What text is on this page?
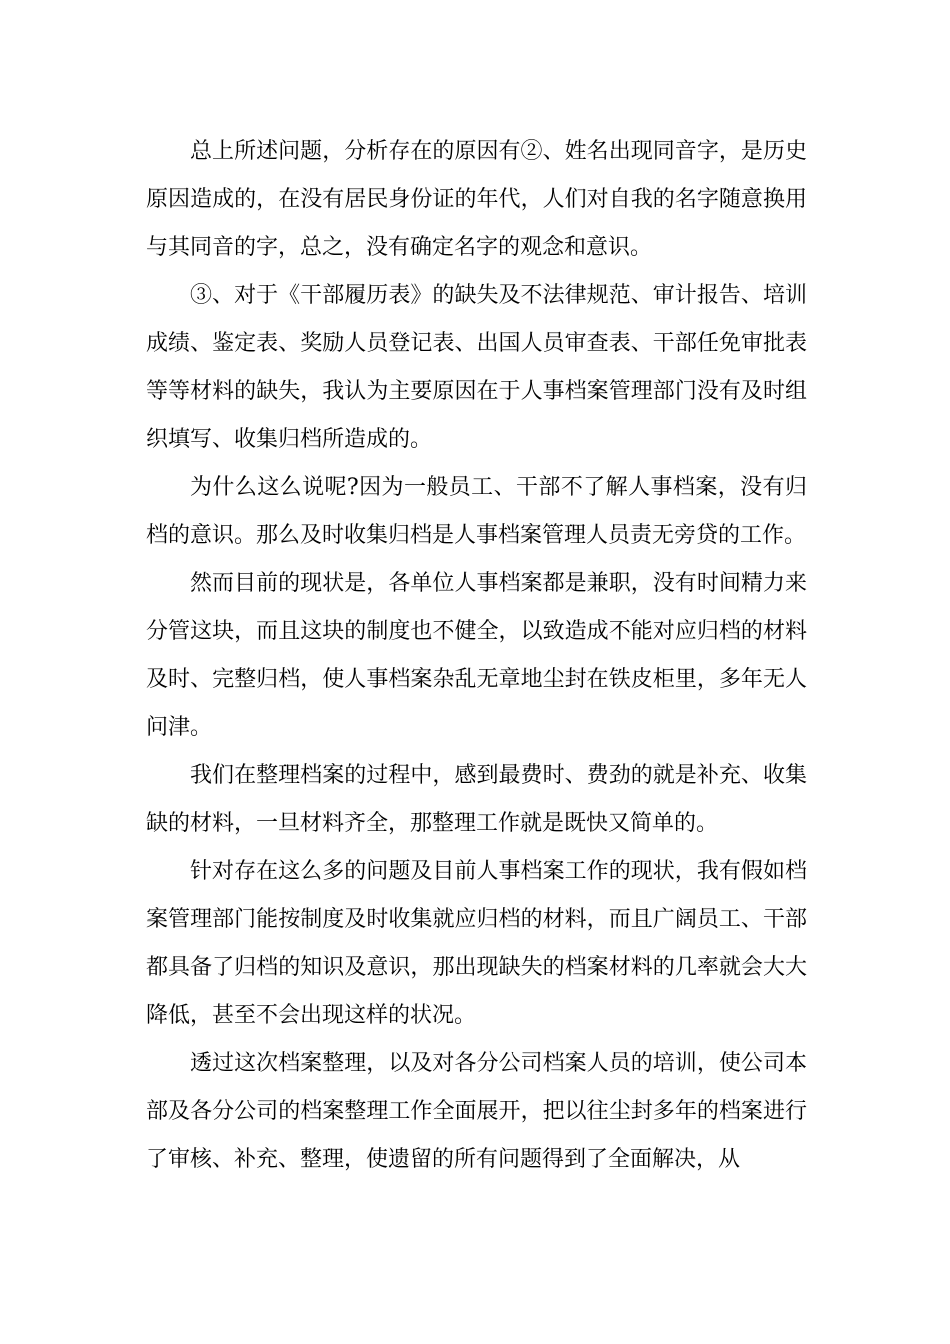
总上所述问题，分析存在的原因有②、姓名出现同音字，是历史原因造成的，在没有居民身份证的年代，人们对自我的名字随意换用与其同音的字，总之，没有确定名字的观念和意识。

③、对于《干部履历表》的缺失及不法律规范、审计报告、培训成绩、鉴定表、奖励人员登记表、出国人员审查表、干部任免审批表等等材料的缺失，我认为主要原因在于人事档案管理部门没有及时组织填写、收集归档所造成的。

为什么这么说呢?因为一般员工、干部不了解人事档案，没有归档的意识。那么及时收集归档是人事档案管理人员责无旁贷的工作。

然而目前的现状是，各单位人事档案都是兼职，没有时间精力来分管这块，而且这块的制度也不健全，以致造成不能对应归档的材料及时、完整归档，使人事档案杂乱无章地尘封在铁皮柜里，多年无人问津。

我们在整理档案的过程中，感到最费时、费劲的就是补充、收集缺的材料，一旦材料齐全，那整理工作就是既快又简单的。

针对存在这么多的问题及目前人事档案工作的现状，我有假如档案管理部门能按制度及时收集就应归档的材料，而且广阔员工、干部都具备了归档的知识及意识，那出现缺失的档案材料的几率就会大大降低，甚至不会出现这样的状况。

透过这次档案整理，以及对各分公司档案人员的培训，使公司本部及各分公司的档案整理工作全面展开，把以往尘封多年的档案进行了审核、补充、整理，使遗留的所有问题得到了全面解决，从
